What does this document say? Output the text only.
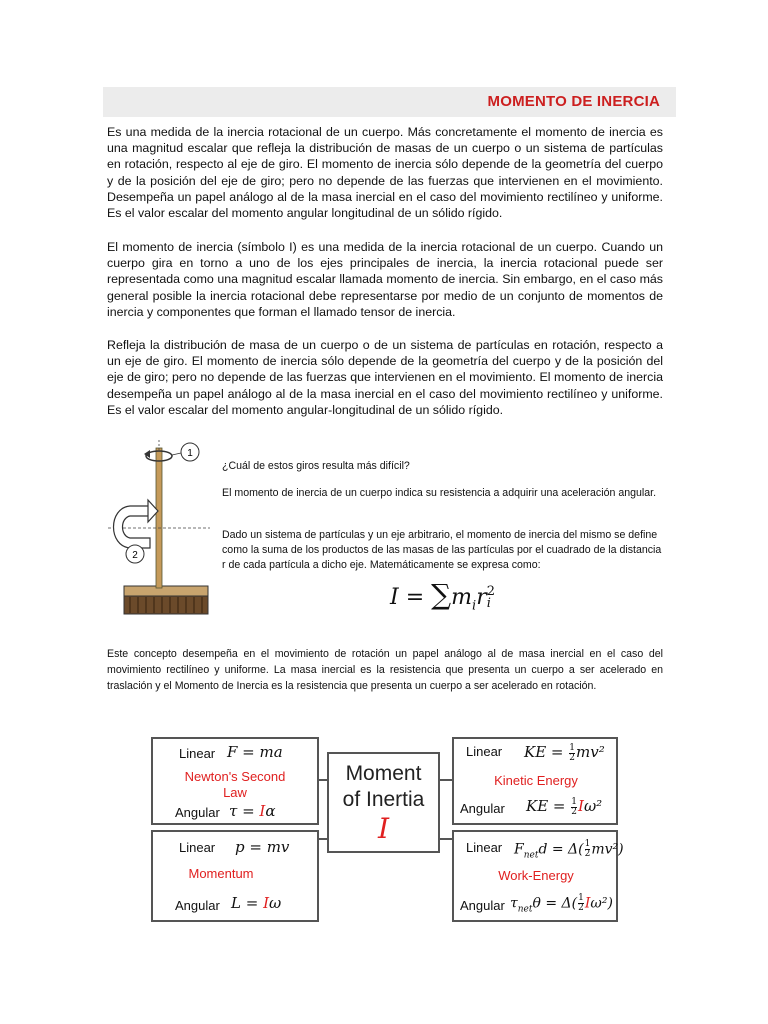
MOMENTO DE INERCIA

Es una medida de la inercia rotacional de un cuerpo. Más concretamente el momento de inercia es una magnitud escalar que refleja la distribución de masas de un cuerpo o un sistema de partículas en rotación, respecto al eje de giro. El momento de inercia sólo depende de la geometría del cuerpo y de la posición del eje de giro; pero no depende de las fuerzas que intervienen en el movimiento. Desempeña un papel análogo al de la masa inercial en el caso del movimiento rectilíneo y uniforme. Es el valor escalar del momento angular longitudinal de un sólido rígido.

El momento de inercia (símbolo I) es una medida de la inercia rotacional de un cuerpo. Cuando un cuerpo gira en torno a uno de los ejes principales de inercia, la inercia rotacional puede ser representada como una magnitud escalar llamada momento de inercia. Sin embargo, en el caso más general posible la inercia rotacional debe representarse por medio de un conjunto de momentos de inercia y componentes que forman el llamado tensor de inercia.

Refleja la distribución de masa de un cuerpo o de un sistema de partículas en rotación, respecto a un eje de giro. El momento de inercia sólo depende de la geometría del cuerpo y de la posición del eje de giro; pero no depende de las fuerzas que intervienen en el movimiento. El momento de inercia desempeña un papel análogo al de la masa inercial en el caso del movimiento rectilíneo y uniforme. Es el valor escalar del momento angular-longitudinal de un sólido rígido.

1
2

¿Cuál de estos giros resulta más difícil?

El momento de inercia de un cuerpo indica su resistencia a adquirir una aceleración angular.

Dado un sistema de partículas y un eje arbitrario, el momento de inercia del mismo se define como la suma de los productos de las masas de las partículas por el cuadrado de la distancia r de cada partícula a dicho eje. Matemáticamente se expresa como:

$I = \sum m_ir$ 2
i

Este concepto desempeña en el movimiento de rotación un papel análogo al de masa inercial en el caso del movimiento rectilíneo y uniforme. La masa inercial es la resistencia que presenta un cuerpo a ser acelerado en traslación y el Momento de Inercia es la resistencia que presenta un cuerpo a ser acelerado en rotación.

Linear F = ma
Newton's Second
Law
Angular τ = Iα
Moment
of Inertia
I
Linear KE = $\frac{1}{2} mv^2$
Kinetic Energy
Angular KE = $\frac{1}{2} I\omega^2$
Linear p = mv
Momentum
Angular L = Iω
Linear $F_{net}d = \Delta( \frac{1}{2} mv^2)$
Work-Energy
Angular $\tau_{net}\theta = \Delta( \frac{1}{2} I\omega^2)$
